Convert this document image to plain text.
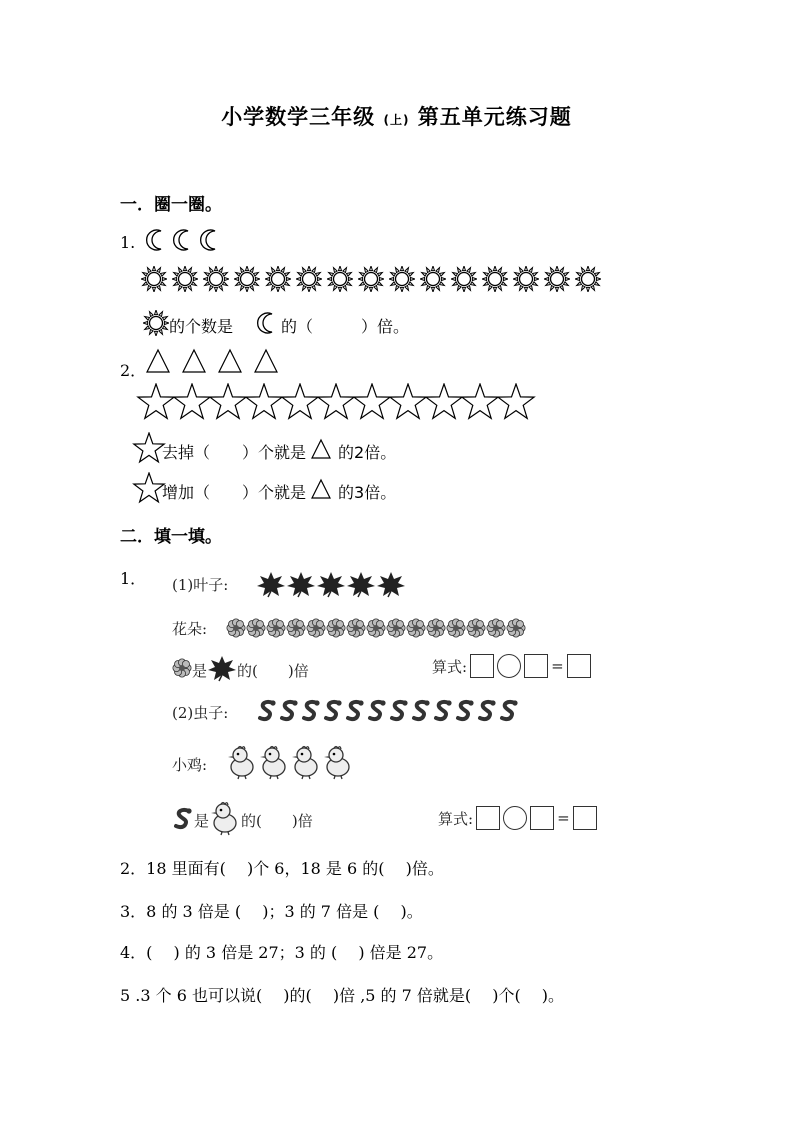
小学数学三年级 (上) 第五单元练习题
一．圈一圈。
1.
的个数是	的（　　　）倍。
2．
去掉（　　）个就是 的2倍。
增加（　　）个就是 的3倍。
二．填一填。
1． (1)叶子:
花朵:
是 的(　　)倍	算式:	=
(2)虫子:
小鸡:
是 的(　　)倍	算式:	=
2．18 里面有(　 )个 6，18 是 6 的(　 )倍。
3．8 的 3 倍是 (　 )；3 的 7 倍是 (　 )。
4．(　 ) 的 3 倍是 27；3 的 (　 ) 倍是 27。
5 .3 个 6 也可以说(　 )的(　 )倍 ,5 的 7 倍就是(　 )个(　 )。
